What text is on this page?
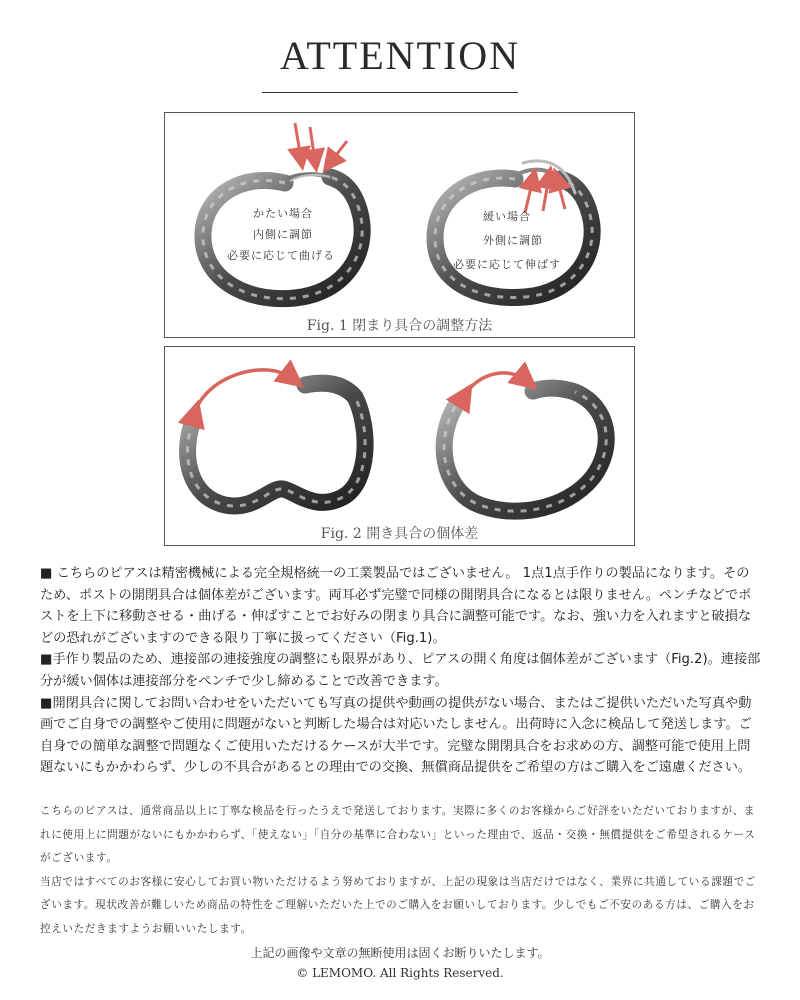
ATTENTION
かたい場合
内側に調節
必要に応じて曲げる
緩い場合
外側に調節
必要に応じて伸ばす
Fig. 1 閉まり具合の調整方法
Fig. 2 開き具合の個体差

■ こちらのピアスは精密機械による完全規格統一の工業製品ではございません。 1点1点手作りの製品になります。そのため、ポストの開閉具合は個体差がございます。両耳必ず完璧で同様の開閉具合になるとは限りません。ペンチなどでポストを上下に移動させる・曲げる・伸ばすことでお好みの閉まり具合に調整可能です。なお、強い力を入れますと破損などの恐れがございますのできる限り丁寧に扱ってください（Fig.1)。

■手作り製品のため、連接部の連接強度の調整にも限界があり、ピアスの開く角度は個体差がございます（Fig.2)。連接部分が緩い個体は連接部分をペンチで少し締めることで改善できます。

■開閉具合に関してお問い合わせをいただいても写真の提供や動画の提供がない場合、またはご提供いただいた写真や動画でご自身での調整やご使用に問題がないと判断した場合は対応いたしません。出荷時に入念に検品して発送します。ご自身での簡単な調整で問題なくご使用いただけるケースが大半です。完璧な開閉具合をお求めの方、調整可能で使用上問題ないにもかかわらず、少しの不具合があるとの理由での交換、無償商品提供をご希望の方はご購入をご遠慮ください。

こちらのピアスは、通常商品以上に丁寧な検品を行ったうえで発送しております。実際に多くのお客様からご好評をいただいておりますが、まれに使用上に問題がないにもかかわらず、「使えない」「自分の基準に合わない」といった理由で、返品・交換・無償提供をご希望されるケースがございます。

当店ではすべてのお客様に安心してお買い物いただけるよう努めておりますが、上記の現象は当店だけではなく、業界に共通している課題でございます。現状改善が難しいため商品の特性をご理解いただいた上でのご購入をお願いしております。少しでもご不安のある方は、ご購入をお控えいただきますようお願いいたします。

上記の画像や文章の無断使用は固くお断りいたします。
© LEMOMO. All Rights Reserved.
